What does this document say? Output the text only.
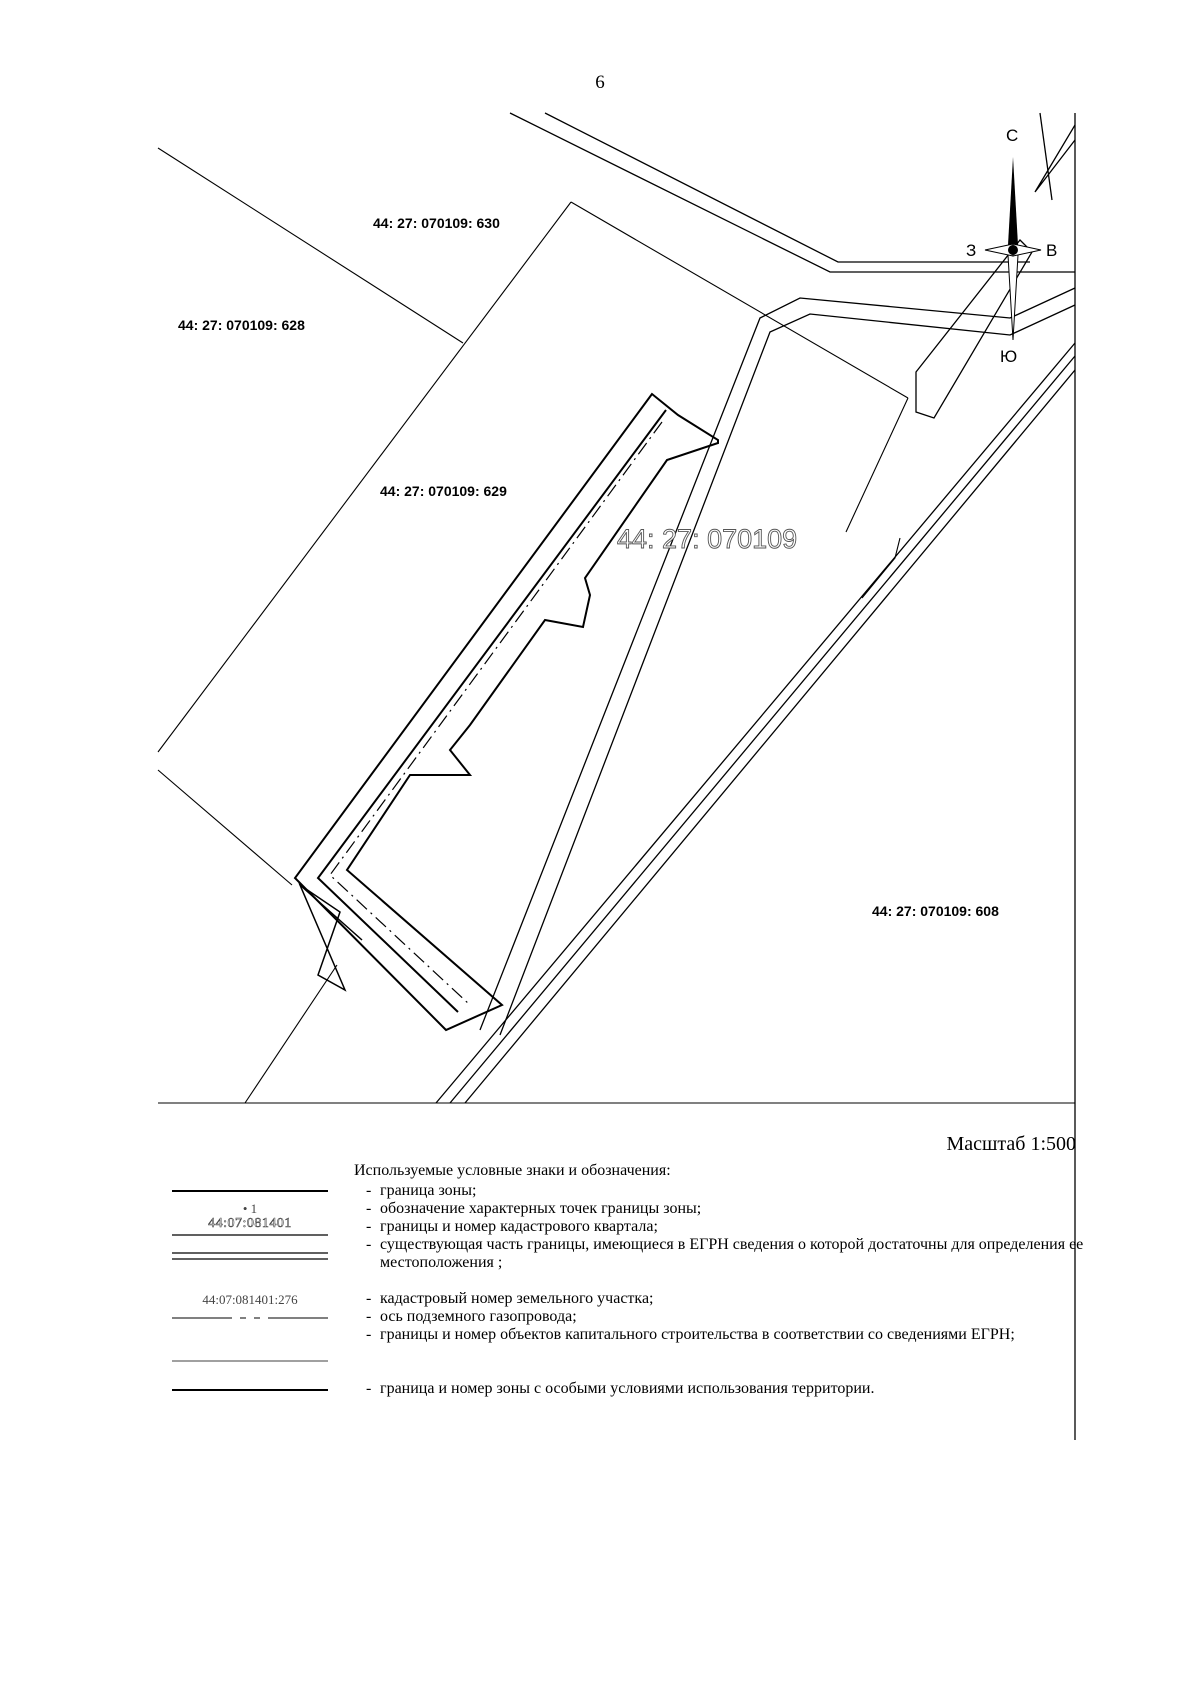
6
С
З	В
Ю
44: 27: 070109: 630
44: 27: 070109: 628
44: 27: 070109: 629
44: 27: 070109: 608
44: 27: 070109
Масштаб 1:500
• 1
44:07:081401
44:07:081401:276
Используемые условные знаки и обозначения:
- граница зоны;
- обозначение характерных точек границы зоны;
- границы и номер кадастрового квартала;
- существующая часть границы, имеющиеся в ЕГРН сведения о которой достаточны для определения ее местоположения ;
- кадастровый номер земельного участка;
- ось подземного газопровода;
- границы и номер объектов капитального строительства в соответствии со сведениями ЕГРН;
- граница и номер зоны с особыми условиями использования территории.
